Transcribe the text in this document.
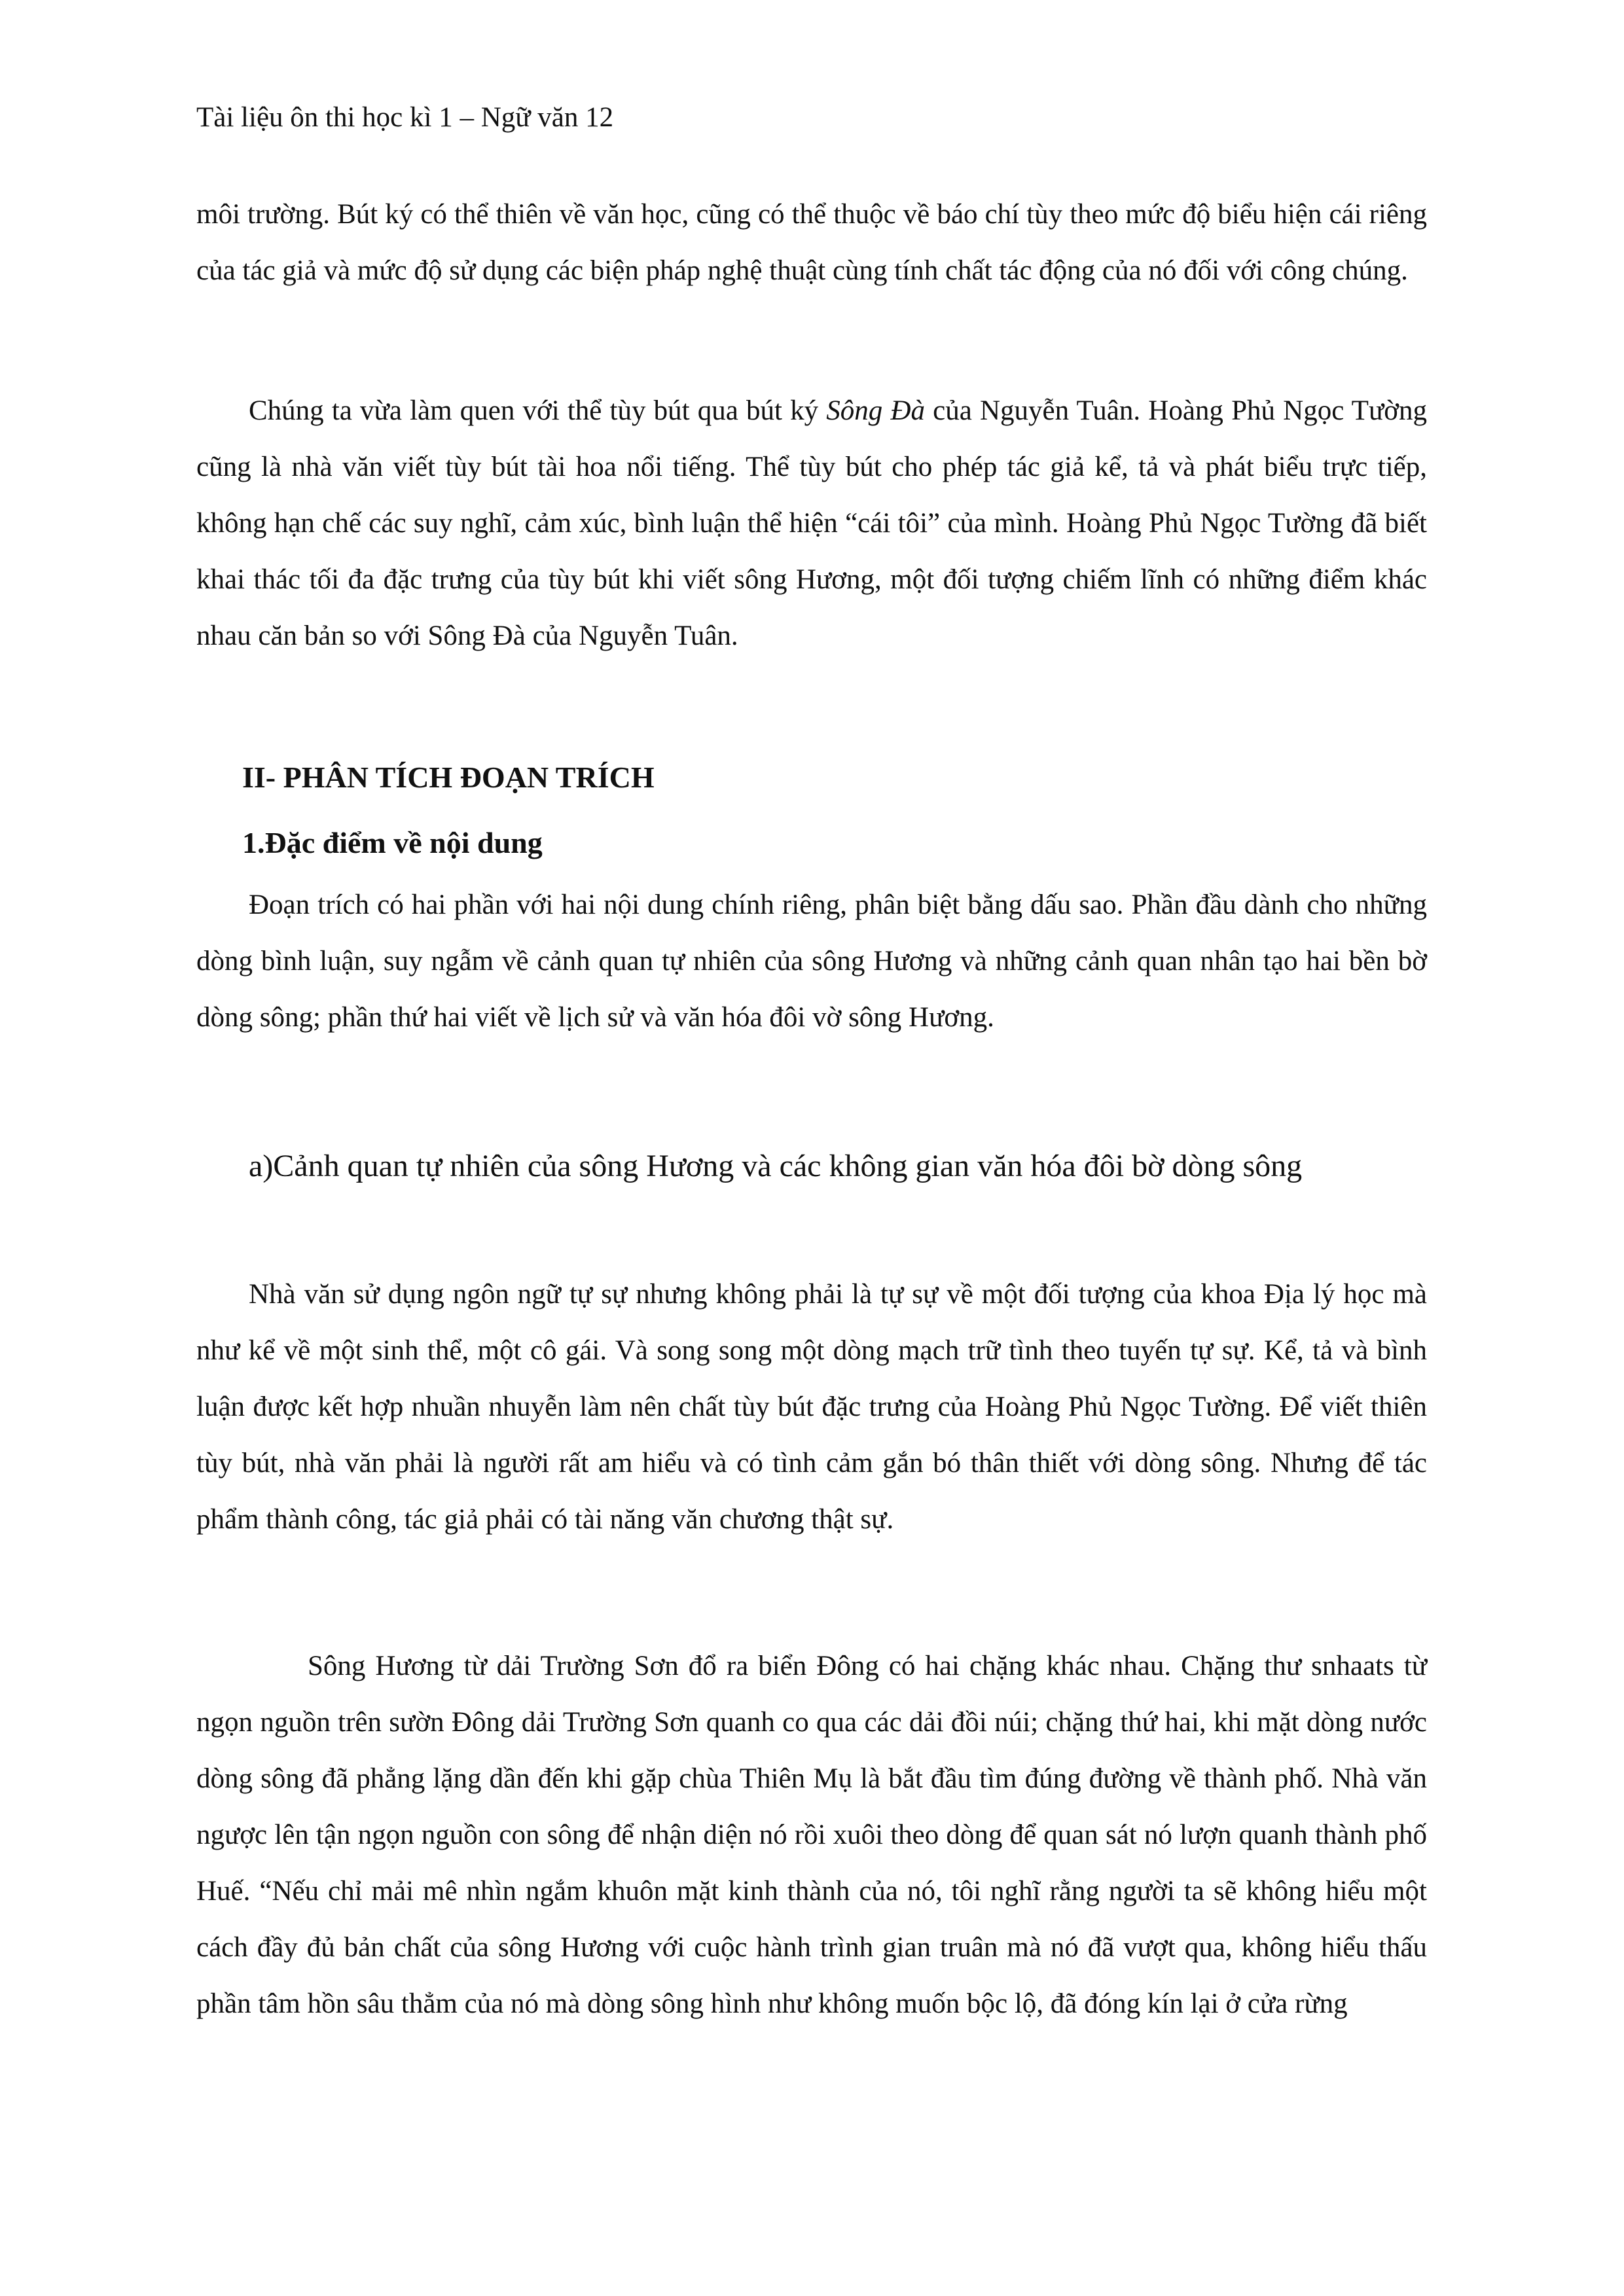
Tài liệu ôn thi học kì 1 – Ngữ văn 12

môi trường. Bút ký có thể thiên về văn học, cũng có thể thuộc về báo chí tùy theo mức độ biểu hiện cái riêng của tác giả và mức độ sử dụng các biện pháp nghệ thuật cùng tính chất tác động của nó đối với công chúng.

Chúng ta vừa làm quen với thể tùy bút qua bút ký Sông Đà của Nguyễn Tuân. Hoàng Phủ Ngọc Tường cũng là nhà văn viết tùy bút tài hoa nổi tiếng. Thể tùy bút cho phép tác giả kể, tả và phát biểu trực tiếp, không hạn chế các suy nghĩ, cảm xúc, bình luận thể hiện “cái tôi” của mình. Hoàng Phủ Ngọc Tường đã biết khai thác tối đa đặc trưng của tùy bút khi viết sông Hương, một đối tượng chiếm lĩnh có những điểm khác nhau căn bản so với Sông Đà của Nguyễn Tuân.

II- PHÂN TÍCH ĐOẠN TRÍCH
1.Đặc điểm về nội dung

Đoạn trích có hai phần với hai nội dung chính riêng, phân biệt bằng dấu sao. Phần đầu dành cho những dòng bình luận, suy ngẫm về cảnh quan tự nhiên của sông Hương và những cảnh quan nhân tạo hai bền bờ dòng sông; phần thứ hai viết về lịch sử và văn hóa đôi vờ sông Hương.

a)Cảnh quan tự nhiên của sông Hương và các không gian văn hóa đôi bờ dòng sông

Nhà văn sử dụng ngôn ngữ tự sự nhưng không phải là tự sự về một đối tượng của khoa Địa lý học mà như kể về một sinh thể, một cô gái. Và song song một dòng mạch trữ tình theo tuyến tự sự. Kể, tả và bình luận được kết hợp nhuần nhuyễn làm nên chất tùy bút đặc trưng của Hoàng Phủ Ngọc Tường. Để viết thiên tùy bút, nhà văn phải là người rất am hiểu và có tình cảm gắn bó thân thiết với dòng sông. Nhưng để tác phẩm thành công, tác giả phải có tài năng văn chương thật sự.

Sông Hương từ dải Trường Sơn đổ ra biển Đông có hai chặng khác nhau. Chặng thư snhaats từ ngọn nguồn trên sườn Đông dải Trường Sơn quanh co qua các dải đồi núi; chặng thứ hai, khi mặt dòng nước dòng sông đã phẳng lặng dần đến khi gặp chùa Thiên Mụ là bắt đầu tìm đúng đường về thành phố. Nhà văn ngược lên tận ngọn nguồn con sông để nhận diện nó rồi xuôi theo dòng để quan sát nó lượn quanh thành phố Huế. “Nếu chỉ mải mê nhìn ngắm khuôn mặt kinh thành của nó, tôi nghĩ rằng người ta sẽ không hiểu một cách đầy đủ bản chất của sông Hương với cuộc hành trình gian truân mà nó đã vượt qua, không hiểu thấu phần tâm hồn sâu thẳm của nó mà dòng sông hình như không muốn bộc lộ, đã đóng kín lại ở cửa rừng
